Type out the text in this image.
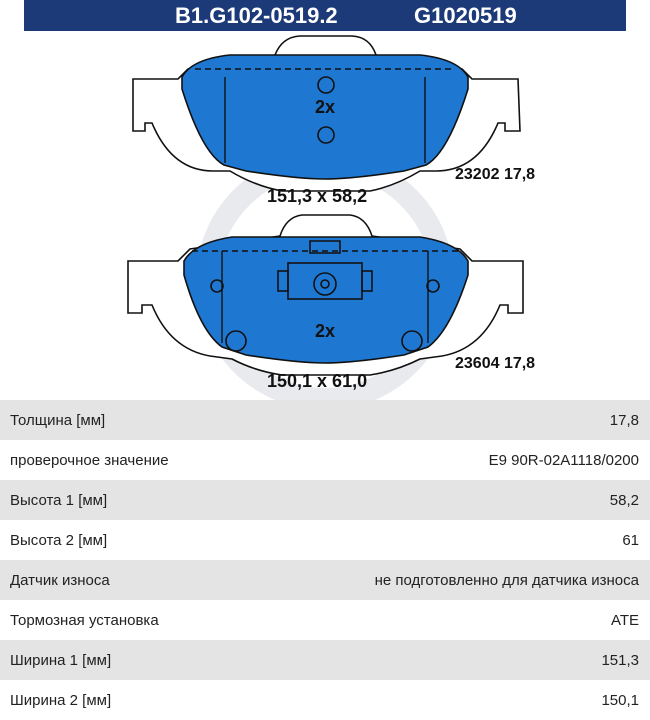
B1.G102-0519.2	G1020519
2x
151,3 x 58,2
23202 17,8
2x
150,1 x 61,0
23604 17,8
Толщина [мм]	17,8
проверочное значение	E9 90R-02A1118/0200
Высота 1 [мм]	58,2
Высота 2 [мм]	61
Датчик износа	не подготовленно для датчика износа
Тормозная установка	ATE
Ширина 1 [мм]	151,3
Ширина 2 [мм]	150,1
